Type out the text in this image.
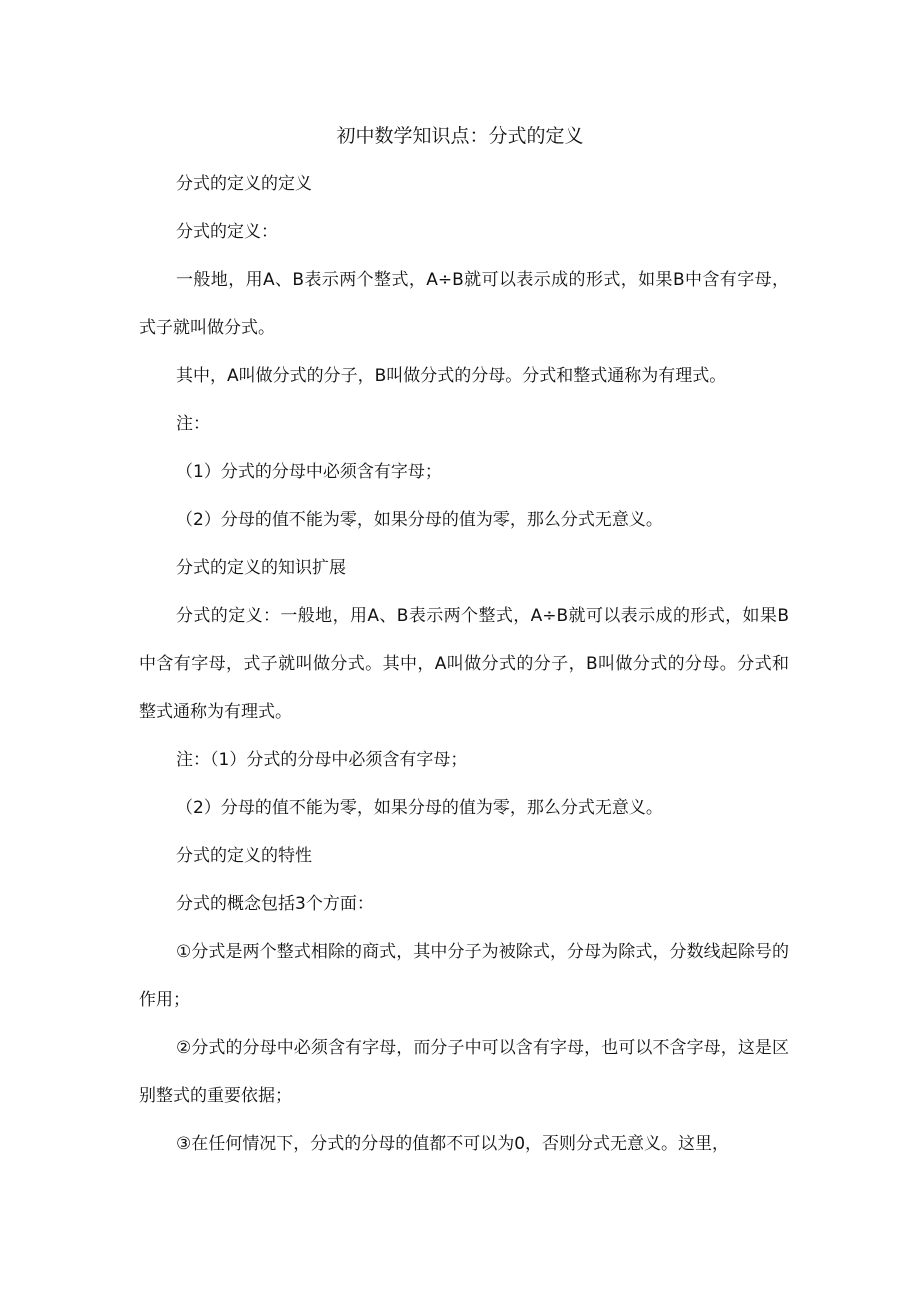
初中数学知识点：分式的定义

分式的定义的定义

分式的定义：

一般地，用A、B表示两个整式，A÷B就可以表示成的形式，如果B中含有字母，式子就叫做分式。

其中，A叫做分式的分子，B叫做分式的分母。分式和整式通称为有理式。

注：

（1）分式的分母中必须含有字母；

（2）分母的值不能为零，如果分母的值为零，那么分式无意义。

分式的定义的知识扩展

分式的定义：一般地，用A、B表示两个整式，A÷B就可以表示成的形式，如果B中含有字母，式子就叫做分式。其中，A叫做分式的分子，B叫做分式的分母。分式和整式通称为有理式。

注：（1）分式的分母中必须含有字母；

（2）分母的值不能为零，如果分母的值为零，那么分式无意义。

分式的定义的特性

分式的概念包括3个方面：

①分式是两个整式相除的商式，其中分子为被除式，分母为除式，分数线起除号的作用；

②分式的分母中必须含有字母，而分子中可以含有字母，也可以不含字母，这是区别整式的重要依据；

③在任何情况下，分式的分母的值都不可以为0，否则分式无意义。这里，
